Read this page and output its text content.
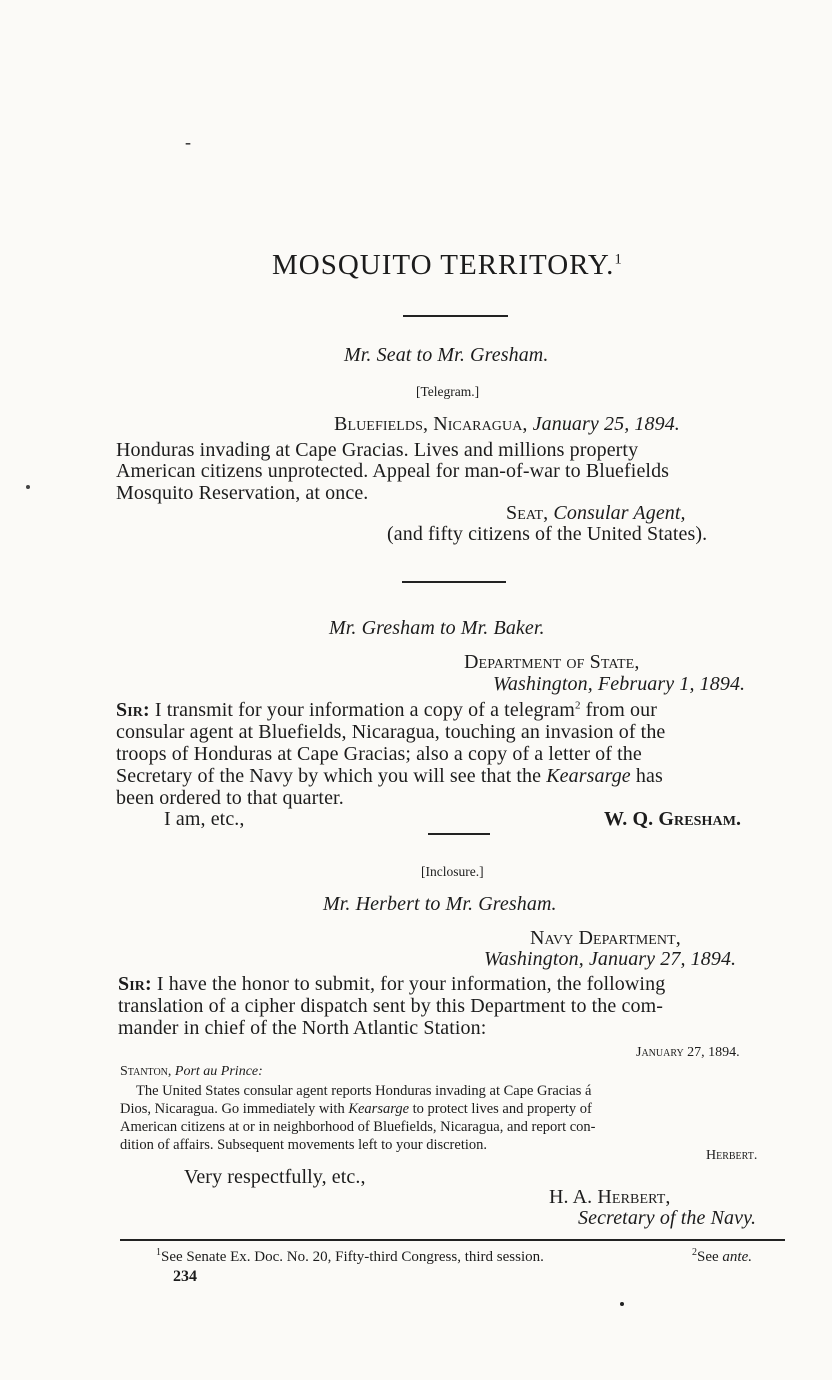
-
MOSQUITO TERRITORY.$^1$
Mr. Seat to Mr. Gresham.
[Telegram.]
Bluefields, Nicaragua, January 25, 1894.
Honduras invading at Cape Gracias. Lives and millions property
American citizens unprotected. Appeal for man-of-war to Bluefields
Mosquito Reservation, at once.
Seat, Consular Agent,
(and fifty citizens of the United States).
Mr. Gresham to Mr. Baker.
Department of State,
Washington, February 1, 1894.
Sir: I transmit for your information a copy of a telegram$^2$ from our
consular agent at Bluefields, Nicaragua, touching an invasion of the
troops of Honduras at Cape Gracias; also a copy of a letter of the
Secretary of the Navy by which you will see that the Kearsarge has
been ordered to that quarter.
I am, etc.,	W. Q. Gresham.
[Inclosure.]
Mr. Herbert to Mr. Gresham.
Navy Department,
Washington, January 27, 1894.
Sir: I have the honor to submit, for your information, the following
translation of a cipher dispatch sent by this Department to the com-
mander in chief of the North Atlantic Station:
January 27, 1894.
Stanton, Port au Prince:
The United States consular agent reports Honduras invading at Cape Gracias á
Dios, Nicaragua. Go immediately with Kearsarge to protect lives and property of
American citizens at or in neighborhood of Bluefields, Nicaragua, and report con-
dition of affairs. Subsequent movements left to your discretion.
Herbert.
Very respectfully, etc.,
H. A. Herbert,
Secretary of the Navy.
$^1$See Senate Ex. Doc. No. 20, Fifty-third Congress, third session.	$^2$See ante.
234
